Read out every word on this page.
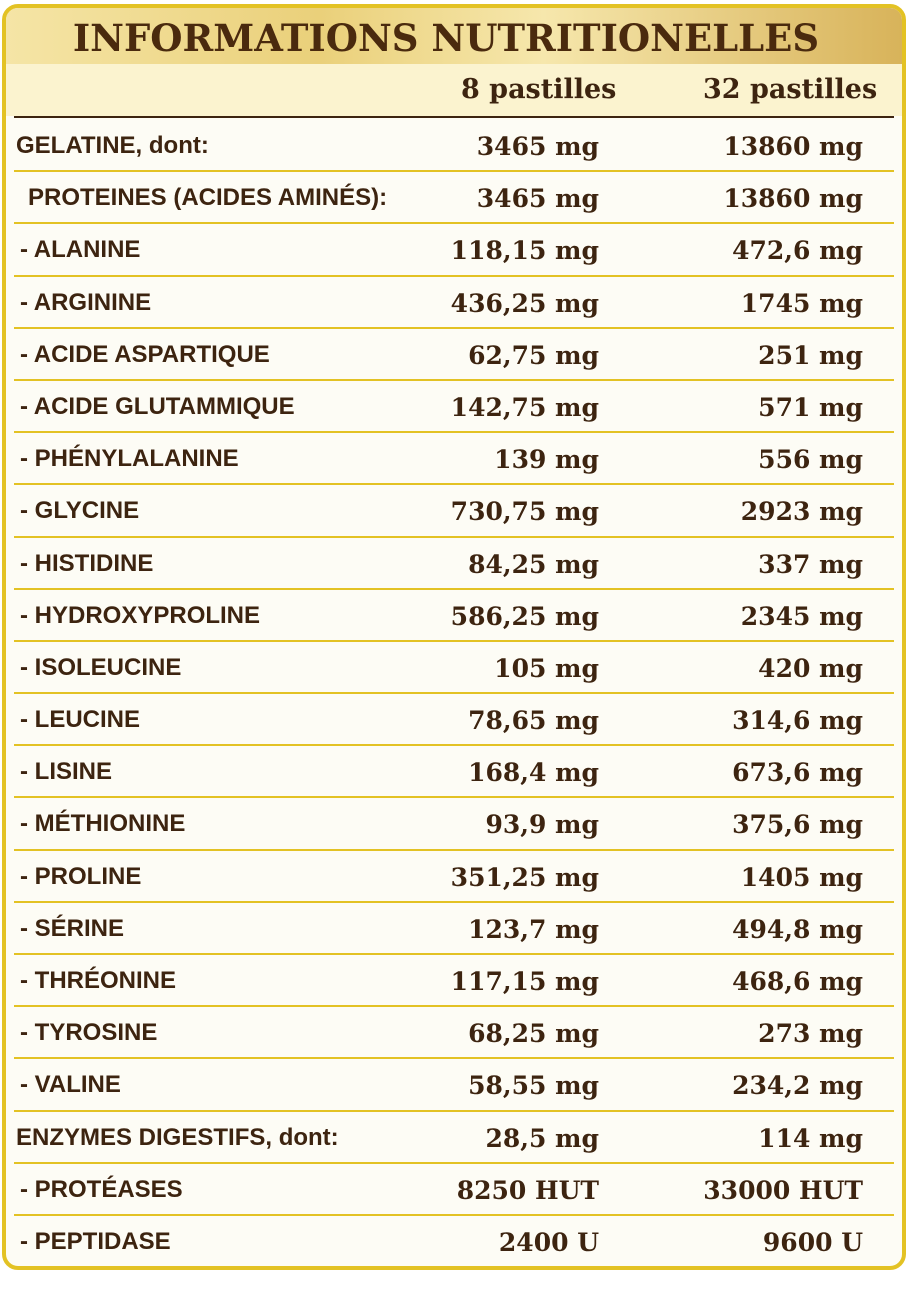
INFORMATIONS NUTRITIONELLES
8 pastilles	32 pastilles
GELATINE, dont:	3465 mg	13860 mg
PROTEINES (ACIDES AMINÉS):	3465 mg	13860 mg
- ALANINE	118,15 mg	472,6 mg
- ARGININE	436,25 mg	1745 mg
- ACIDE ASPARTIQUE	62,75 mg	251 mg
- ACIDE GLUTAMMIQUE	142,75 mg	571 mg
- PHÉNYLALANINE	139 mg	556 mg
- GLYCINE	730,75 mg	2923 mg
- HISTIDINE	84,25 mg	337 mg
- HYDROXYPROLINE	586,25 mg	2345 mg
- ISOLEUCINE	105 mg	420 mg
- LEUCINE	78,65 mg	314,6 mg
- LISINE	168,4 mg	673,6 mg
- MÉTHIONINE	93,9 mg	375,6 mg
- PROLINE	351,25 mg	1405 mg
- SÉRINE	123,7 mg	494,8 mg
- THRÉONINE	117,15 mg	468,6 mg
- TYROSINE	68,25 mg	273 mg
- VALINE	58,55 mg	234,2 mg
ENZYMES DIGESTIFS, dont:	28,5 mg	114 mg
- PROTÉASES	8250 HUT	33000 HUT
- PEPTIDASE	2400 U	9600 U
